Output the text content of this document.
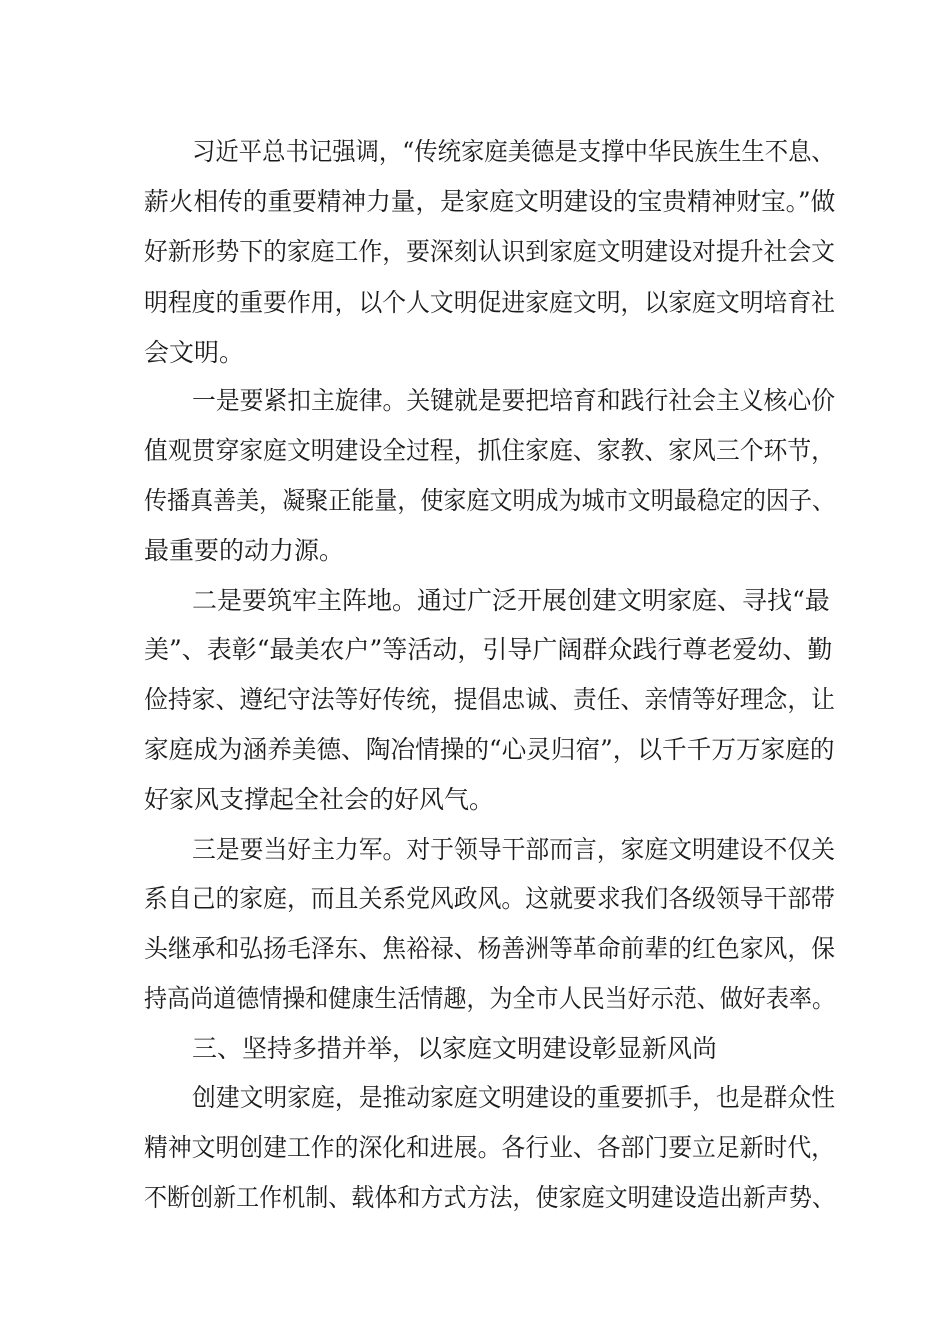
习近平总书记强调，“传统家庭美德是支撑中华民族生生不息、
薪火相传的重要精神力量，是家庭文明建设的宝贵精神财宝。”做
好新形势下的家庭工作，要深刻认识到家庭文明建设对提升社会文
明程度的重要作用，以个人文明促进家庭文明，以家庭文明培育社
会文明。
一是要紧扣主旋律。关键就是要把培育和践行社会主义核心价
值观贯穿家庭文明建设全过程，抓住家庭、家教、家风三个环节，
传播真善美，凝聚正能量，使家庭文明成为城市文明最稳定的因子、
最重要的动力源。
二是要筑牢主阵地。通过广泛开展创建文明家庭、寻找“最
美”、表彰“最美农户”等活动，引导广阔群众践行尊老爱幼、勤
俭持家、遵纪守法等好传统，提倡忠诚、责任、亲情等好理念，让
家庭成为涵养美德、陶冶情操的“心灵归宿”，以千千万万家庭的
好家风支撑起全社会的好风气。
三是要当好主力军。对于领导干部而言，家庭文明建设不仅关
系自己的家庭，而且关系党风政风。这就要求我们各级领导干部带
头继承和弘扬毛泽东、焦裕禄、杨善洲等革命前辈的红色家风，保
持高尚道德情操和健康生活情趣，为全市人民当好示范、做好表率。
三、坚持多措并举，以家庭文明建设彰显新风尚
创建文明家庭，是推动家庭文明建设的重要抓手，也是群众性
精神文明创建工作的深化和进展。各行业、各部门要立足新时代，
不断创新工作机制、载体和方式方法，使家庭文明建设造出新声势、
